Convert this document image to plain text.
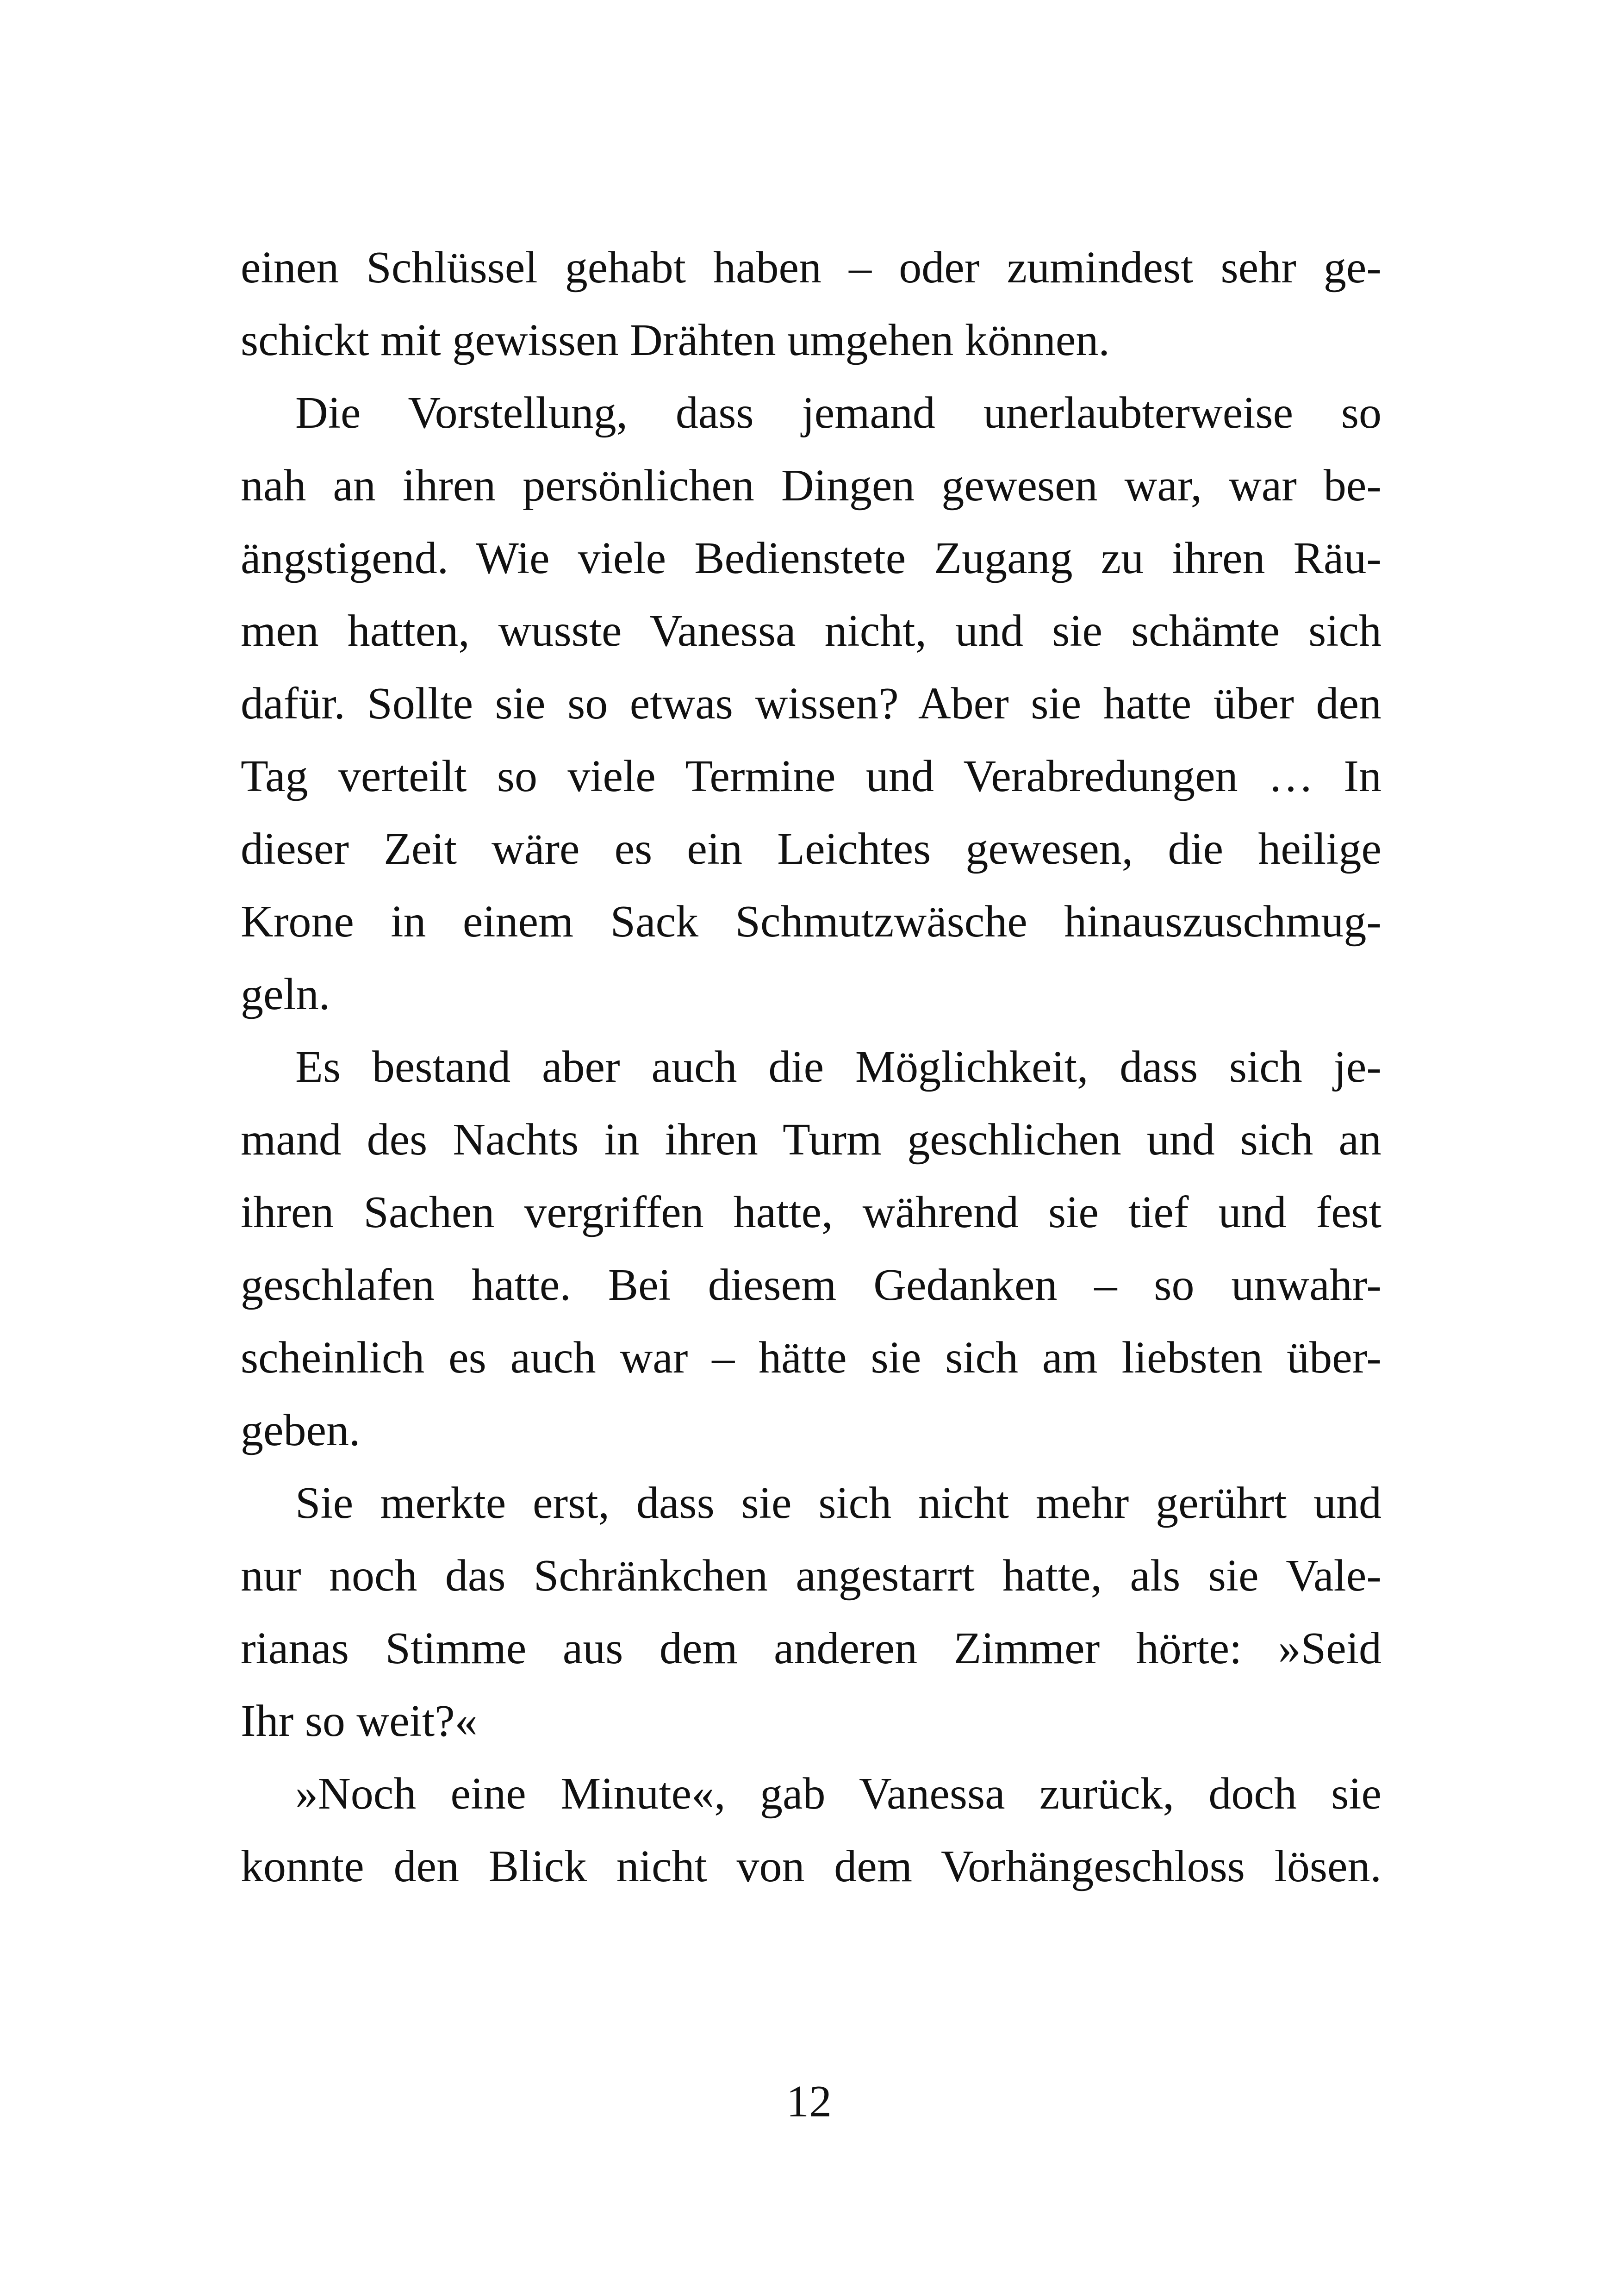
einen Schlüssel gehabt haben – oder zumindest sehr ge-
schickt mit gewissen Drähten umgehen können.
Die Vorstellung, dass jemand unerlaubterweise so
nah an ihren persönlichen Dingen gewesen war, war be-
ängstigend. Wie viele Bedienstete Zugang zu ihren Räu-
men hatten, wusste Vanessa nicht, und sie schämte sich
dafür. Sollte sie so etwas wissen? Aber sie hatte über den
Tag verteilt so viele Termine und Verabredungen … In
dieser Zeit wäre es ein Leichtes gewesen, die heilige
Krone in einem Sack Schmutzwäsche hinauszuschmug-
geln.
Es bestand aber auch die Möglichkeit, dass sich je-
mand des Nachts in ihren Turm geschlichen und sich an
ihren Sachen vergriffen hatte, während sie tief und fest
geschlafen hatte. Bei diesem Gedanken – so unwahr-
scheinlich es auch war – hätte sie sich am liebsten über-
geben.
Sie merkte erst, dass sie sich nicht mehr gerührt und
nur noch das Schränkchen angestarrt hatte, als sie Vale-
rianas Stimme aus dem anderen Zimmer hörte: »Seid
Ihr so weit?«
»Noch eine Minute«, gab Vanessa zurück, doch sie
konnte den Blick nicht von dem Vorhängeschloss lösen.
12
